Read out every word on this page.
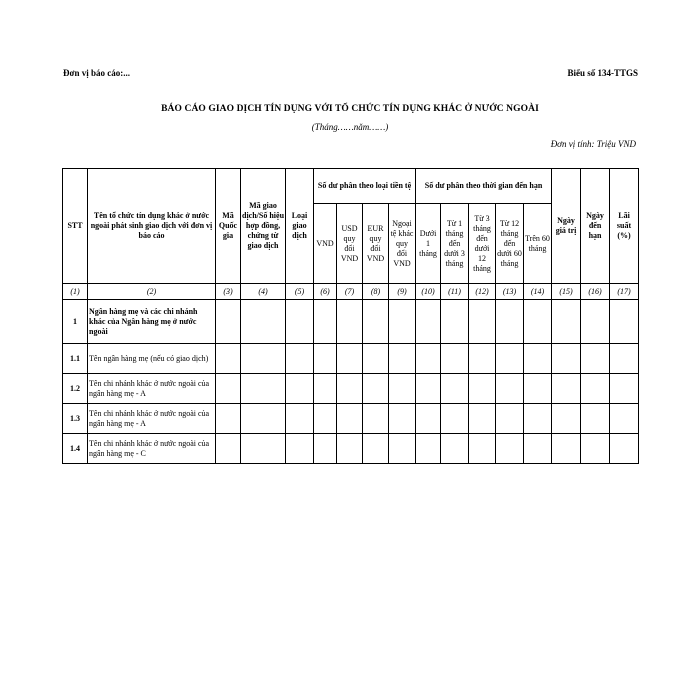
Đơn vị báo cáo:...	Biểu số 134-TTGS
BÁO CÁO GIAO DỊCH TÍN DỤNG VỚI TỔ CHỨC TÍN DỤNG KHÁC Ở NƯỚC NGOÀI
(Tháng……năm……)
Đơn vị tính: Triệu VND
STT	Tên tổ chức tín dụng khác ở nước ngoài phát sinh giao dịch với đơn vị báo cáo	Mã Quốc gia	Mã giao dịch/Số hiệu hợp đồng, chứng từ giao dịch	Loại giao dịch	Số dư phân theo loại tiền tệ				Số dư phân theo thời gian đến hạn					Ngày giá trị	Ngày đến hạn	Lãi suất (%)
					VND	USD quy đổi VND	EUR quy đổi VND	Ngoại tệ khác quy đổi VND	Dưới 1 tháng	Từ 1 tháng đến dưới 3 tháng	Từ 3 tháng đến dưới 12 tháng	Từ 12 tháng đến dưới 60 tháng	Trên 60 tháng			
(1)	(2)	(3)	(4)	(5)	(6)	(7)	(8)	(9)	(10)	(11)	(12)	(13)	(14)	(15)	(16)	(17)
1	Ngân hàng mẹ và các chi nhánh khác của Ngân hàng mẹ ở nước ngoài															
1.1	Tên ngân hàng mẹ (nếu có giao dịch)															
1.2	Tên chi nhánh khác ở nước ngoài của ngân hàng mẹ - A															
1.3	Tên chi nhánh khác ở nước ngoài của ngân hàng mẹ - A															
1.4	Tên chi nhánh khác ở nước ngoài của ngân hàng mẹ - C															
